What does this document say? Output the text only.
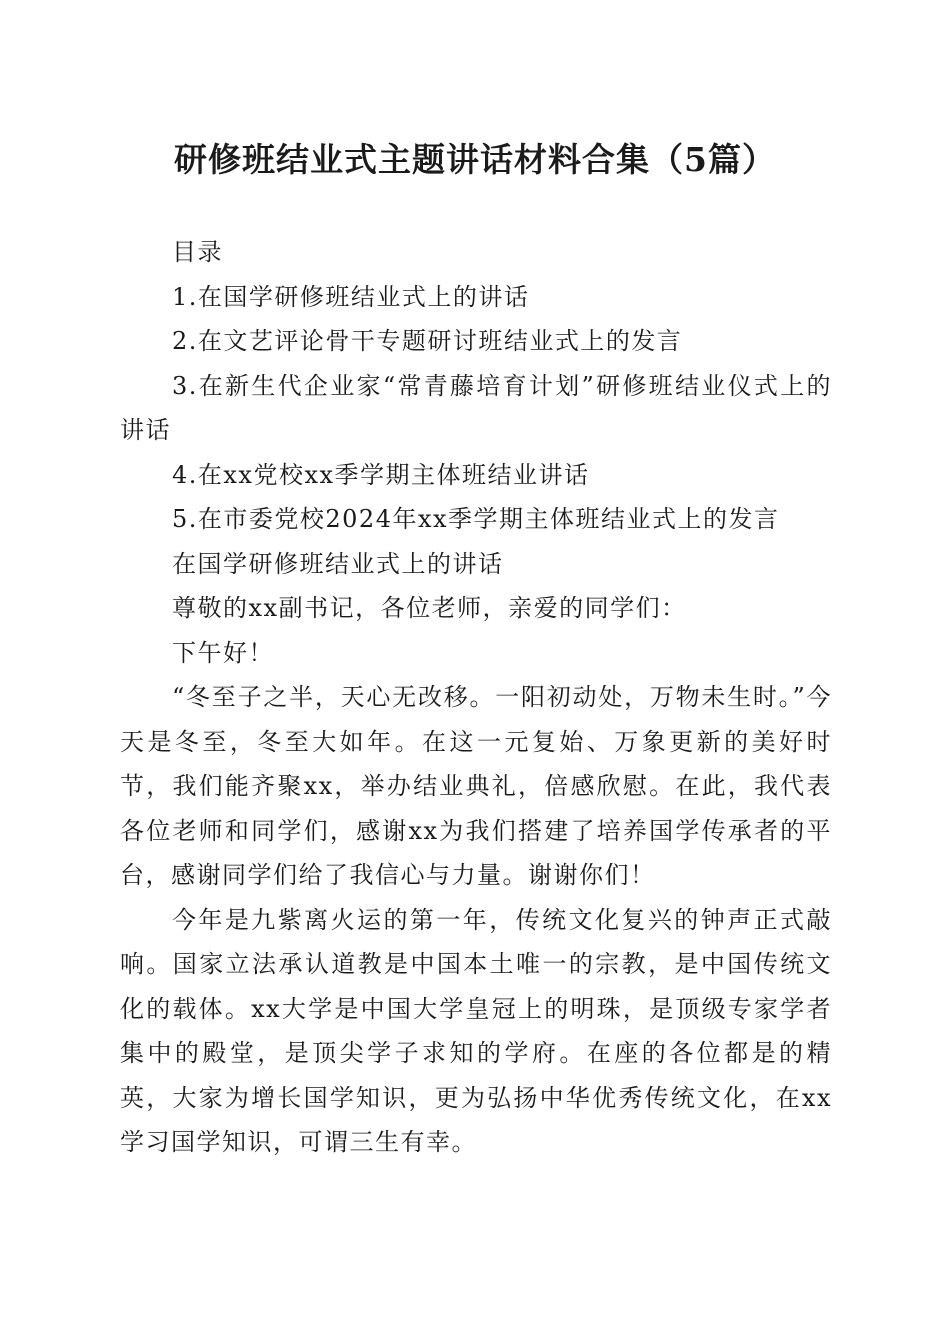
研修班结业式主题讲话材料合集（5篇）

目录

1.在国学研修班结业式上的讲话

2.在文艺评论骨干专题研讨班结业式上的发言

3.在新生代企业家“常青藤培育计划”研修班结业仪式上的讲话

4.在xx党校xx季学期主体班结业讲话

5.在市委党校2024年xx季学期主体班结业式上的发言

在国学研修班结业式上的讲话

尊敬的xx副书记，各位老师，亲爱的同学们：

下午好！

“冬至子之半，天心无改移。一阳初动处，万物未生时。”今天是冬至，冬至大如年。在这一元复始、万象更新的美好时节，我们能齐聚xx，举办结业典礼，倍感欣慰。在此，我代表各位老师和同学们，感谢xx为我们搭建了培养国学传承者的平台，感谢同学们给了我信心与力量。谢谢你们！

今年是九紫离火运的第一年，传统文化复兴的钟声正式敲响。国家立法承认道教是中国本土唯一的宗教，是中国传统文化的载体。xx大学是中国大学皇冠上的明珠，是顶级专家学者集中的殿堂，是顶尖学子求知的学府。在座的各位都是的精英，大家为增长国学知识，更为弘扬中华优秀传统文化，在xx学习国学知识，可谓三生有幸。
